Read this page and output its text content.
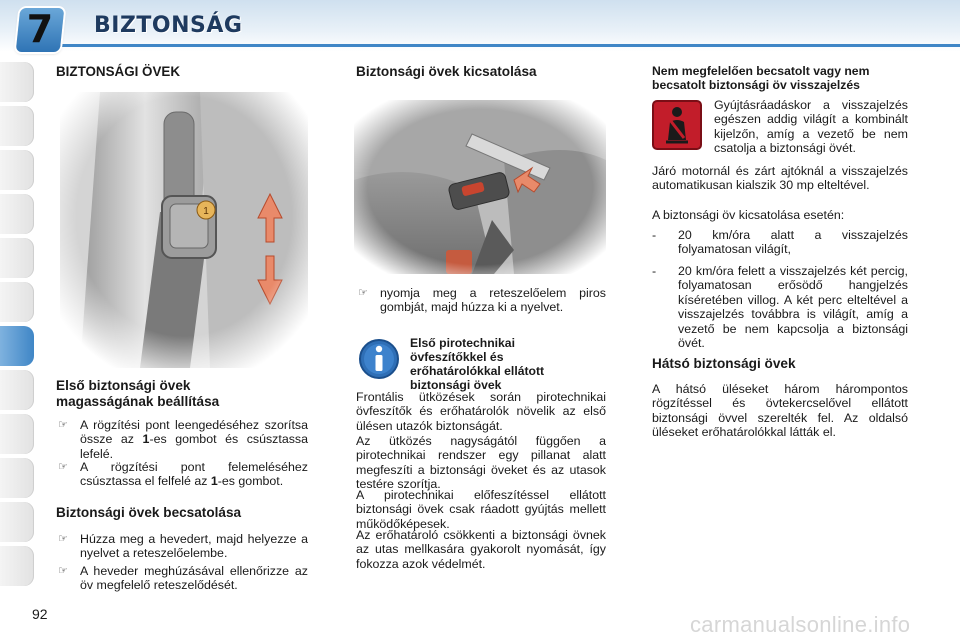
7	BIZTONSÁG
BIZTONSÁGI ÖVEK
Első biztonsági övek
magasságának beállítása
☞ A rögzítési pont leengedéséhez szorítsa össze az 1-es gombot és csúsztassa lefelé.
☞ A rögzítési pont felemeléséhez csúsztassa el felfelé az 1-es gombot.
Biztonsági övek becsatolása
☞ Húzza meg a hevedert, majd helyezze a nyelvet a reteszelőelembe.
☞ A heveder meghúzásával ellenőrizze az öv megfelelő reteszelődését.
Biztonsági övek kicsatolása
☞ nyomja meg a reteszelőelem piros gombját, majd húzza ki a nyelvet.
Első pirotechnikai övfeszítőkkel és erőhatárolókkal ellátott biztonsági övek
Frontális ütközések során pirotechnikai övfeszítők és erőhatárolók növelik az első ülésen utazók biztonságát.
Az ütközés nagyságától függően a pirotechnikai rendszer egy pillanat alatt megfeszíti a biztonsági öveket és az utasok testére szorítja.
A pirotechnikai előfeszítéssel ellátott biztonsági övek csak ráadott gyújtás mellett működőképesek.
Az erőhatároló csökkenti a biztonsági övnek az utas mellkasára gyakorolt nyomását, így fokozza azok védelmét.
Nem megfelelően becsatolt vagy nem becsatolt biztonsági öv visszajelzés
Gyújtásráadáskor a visszajelzés egészen addig világít a kombinált kijelzőn, amíg a vezető be nem csatolja a biztonsági övét.
Járó motornál és zárt ajtóknál a visszajelzés automatikusan kialszik 30 mp elteltével.
A biztonsági öv kicsatolása esetén:
- 20 km/óra alatt a visszajelzés folyamatosan világít,
- 20 km/óra felett a visszajelzés két percig, folyamatosan erősödő hangjelzés kíséretében villog. A két perc elteltével a visszajelzés továbbra is világít, amíg a vezető be nem kapcsolja a biztonsági övét.
Hátsó biztonsági övek
A hátsó üléseket három hárompontos rögzítéssel és övtekercselővel ellátott biztonsági övvel szerelték fel. Az oldalsó üléseket erőhatárolókkal látták el.
92	carmanualsonline.info
